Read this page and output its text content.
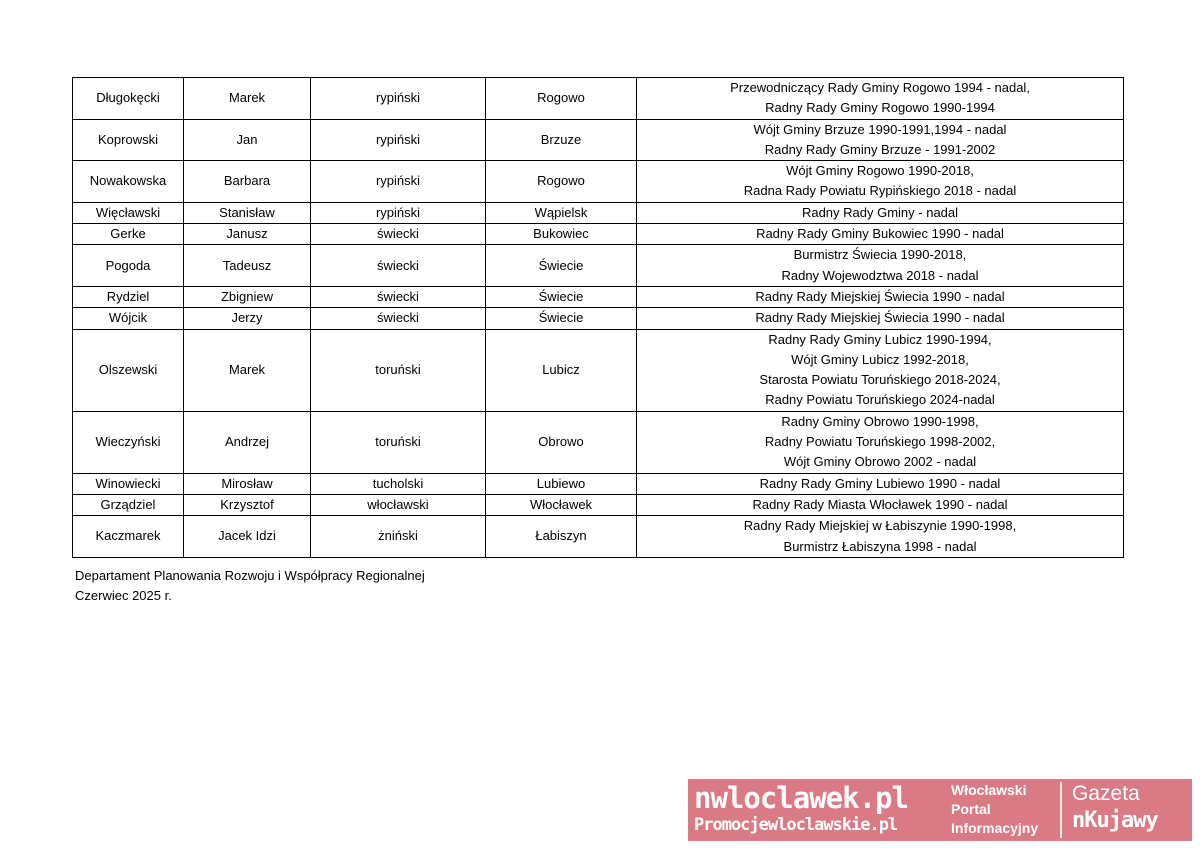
Długokęcki	Marek	rypiński	Rogowo	Przewodniczący Rady Gminy Rogowo 1994 - nadal,
Radny Rady Gminy Rogowo 1990-1994

Koprowski	Jan	rypiński	Brzuze	Wójt Gminy Brzuze 1990-1991,1994 - nadal
Radny Rady Gminy Brzuze - 1991-2002

Nowakowska	Barbara	rypiński	Rogowo	Wójt Gminy Rogowo 1990-2018,
Radna Rady Powiatu Rypińskiego 2018 - nadal

Więcławski	Stanisław	rypiński	Wąpielsk	Radny Rady Gminy - nadal

Gerke	Janusz	świecki	Bukowiec	Radny Rady Gminy Bukowiec 1990 - nadal

Pogoda	Tadeusz	świecki	Świecie	Burmistrz Świecia 1990-2018,
Radny Wojewodztwa 2018 - nadal

Rydziel	Zbigniew	świecki	Świecie	Radny Rady Miejskiej Świecia 1990 - nadal

Wójcik	Jerzy	świecki	Świecie	Radny Rady Miejskiej Świecia 1990 - nadal

Olszewski	Marek	toruński	Lubicz	Radny Rady Gminy Lubicz 1990-1994,
Wójt Gminy Lubicz 1992-2018,
Starosta Powiatu Toruńskiego 2018-2024,
Radny Powiatu Toruńskiego 2024-nadal

Wieczyński	Andrzej	toruński	Obrowo	Radny Gminy Obrowo 1990-1998,
Radny Powiatu Toruńskiego 1998-2002,
Wójt Gminy Obrowo 2002 - nadal

Winowiecki	Mirosław	tucholski	Lubiewo	Radny Rady Gminy Lubiewo 1990 - nadal

Grządziel	Krzysztof	włocławski	Włocławek	Radny Rady Miasta Włocławek 1990 - nadal

Kaczmarek	Jacek Idzi	żniński	Łabiszyn	Radny Rady Miejskiej w Łabiszynie 1990-1998,
Burmistrz Łabiszyna 1998 - nadal
Departament Planowania Rozwoju i Współpracy Regionalnej
Czerwiec 2025 r.
nwloclawek.pl
Promocjewloclawskie.pl
Włocławski
Portal
Informacyjny
Gazeta
nKujawy
